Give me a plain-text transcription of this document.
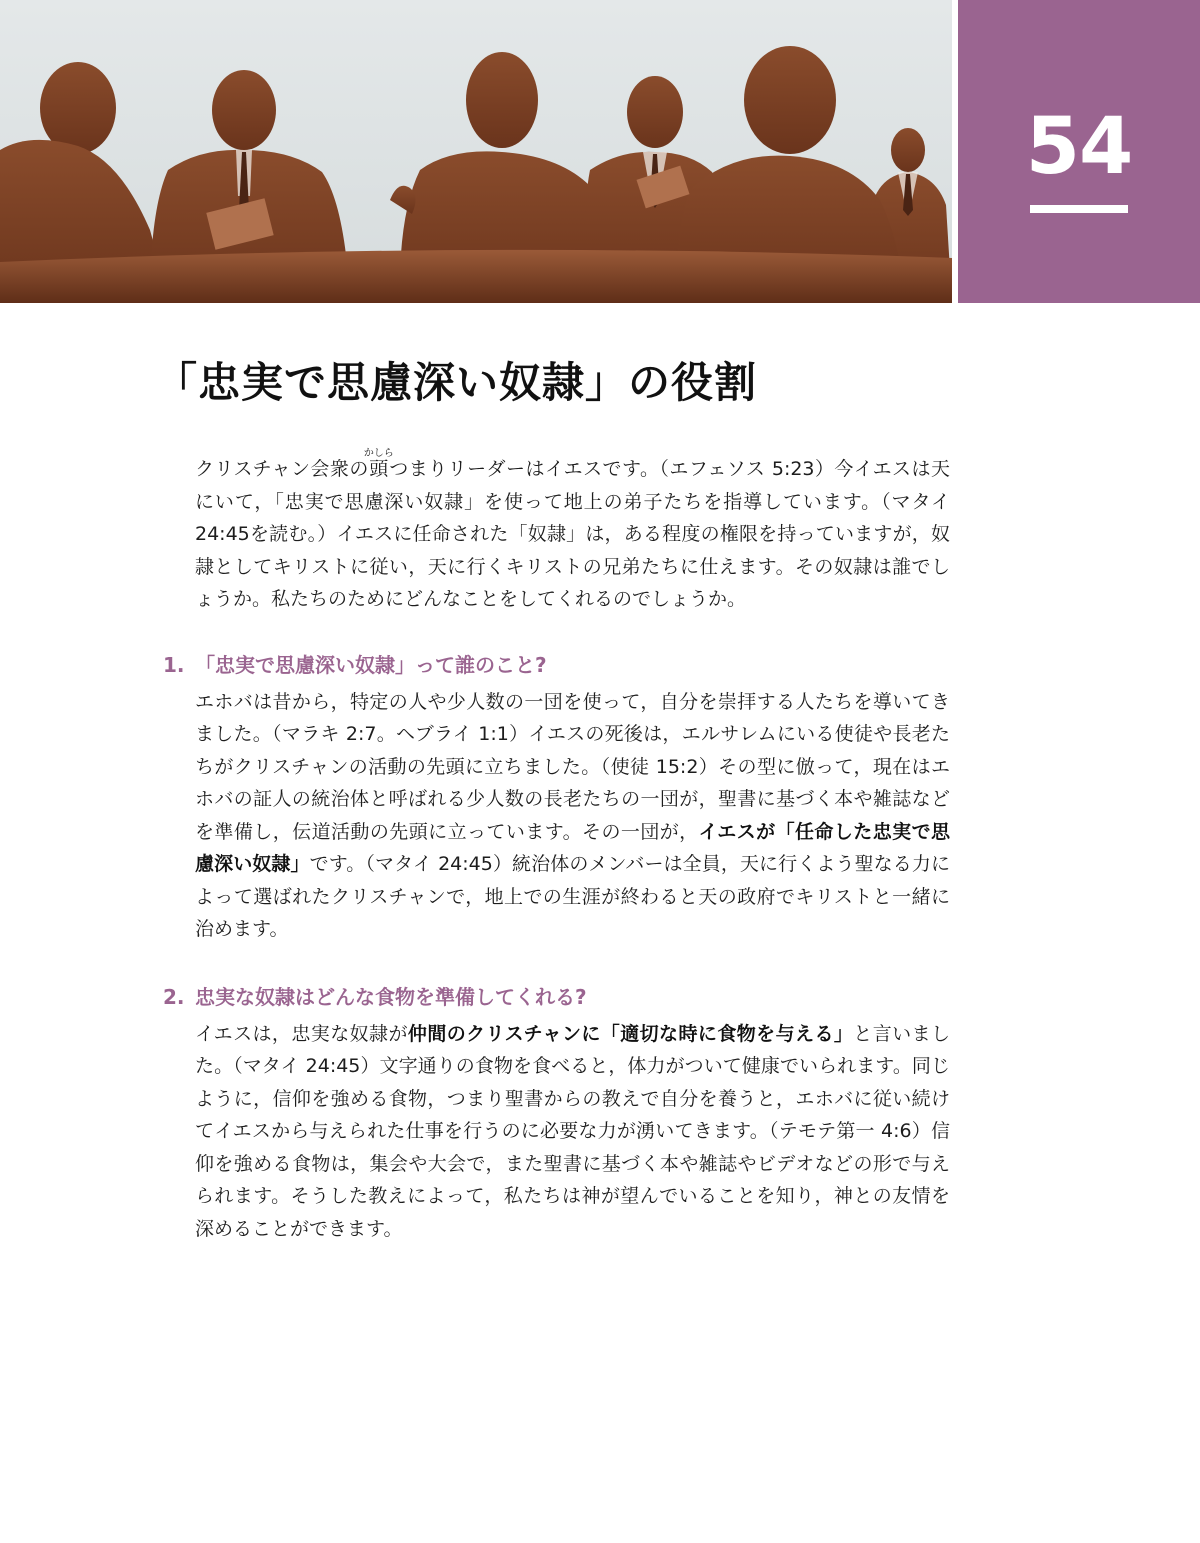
54
「忠実で思慮深い奴隷」の役割

クリスチャン会衆の頭かしらつまりリーダーはイエスです。（エフェソス 5:23）今イエスは天にいて，「忠実で思慮深い奴隷」を使って地上の弟子たちを指導しています。（マタイ 24:45を読む。）イエスに任命された「奴隷」は，ある程度の権限を持っていますが，奴隷としてキリストに従い，天に行くキリストの兄弟たちに仕えます。その奴隷は誰でしょうか。私たちのためにどんなことをしてくれるのでしょうか。

1. 「忠実で思慮深い奴隷」って誰のこと?

エホバは昔から，特定の人や少人数の一団を使って，自分を崇拝する人たちを導いてきました。（マラキ 2:7。ヘブライ 1:1）イエスの死後は，エルサレムにいる使徒や長老たちがクリスチャンの活動の先頭に立ちました。（使徒 15:2）その型に倣って，現在はエホバの証人の統治体と呼ばれる少人数の長老たちの一団が，聖書に基づく本や雑誌などを準備し，伝道活動の先頭に立っています。その一団が，イエスが「任命した忠実で思慮深い奴隷」です。（マタイ 24:45）統治体のメンバーは全員，天に行くよう聖なる力によって選ばれたクリスチャンで，地上での生涯が終わると天の政府でキリストと一緒に治めます。

2. 忠実な奴隷はどんな食物を準備してくれる?

イエスは，忠実な奴隷が仲間のクリスチャンに「適切な時に食物を与える」と言いました。（マタイ 24:45）文字通りの食物を食べると，体力がついて健康でいられます。同じように，信仰を強める食物，つまり聖書からの教えで自分を養うと，エホバに従い続けてイエスから与えられた仕事を行うのに必要な力が湧いてきます。（テモテ第一 4:6）信仰を強める食物は，集会や大会で，また聖書に基づく本や雑誌やビデオなどの形で与えられます。そうした教えによって，私たちは神が望んでいることを知り，神との友情を深めることができます。
